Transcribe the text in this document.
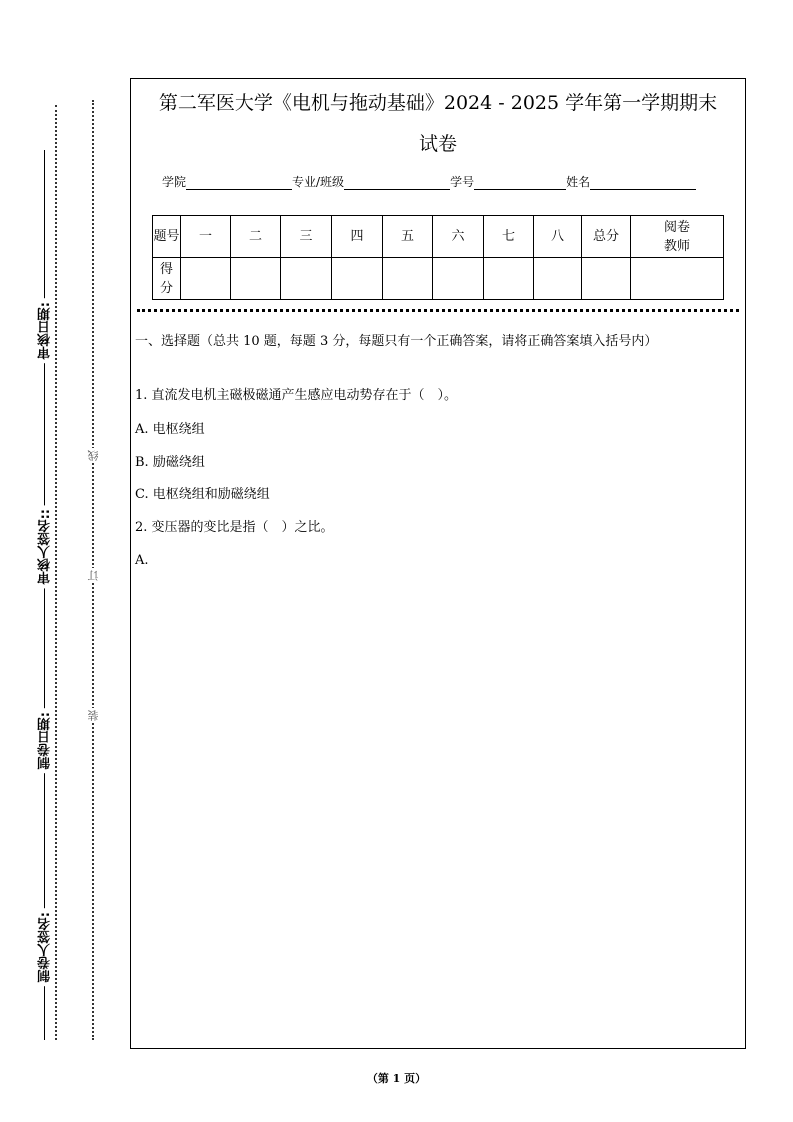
审核日期:
审核人签名::
制卷日期:
制卷人签名:
线
订
装
第二军医大学《电机与拖动基础》2024 - 2025 学年第一学期期末
试卷
学院	专业/班级	学号	姓名
题号	一	二	三	四	五	六	七	八	总分	阅卷教师
得分										
一、选择题（总共 10 题，每题 3 分，每题只有一个正确答案，请将正确答案填入括号内）
1. 直流发电机主磁极磁通产生感应电动势存在于（　）。
A. 电枢绕组
B. 励磁绕组
C. 电枢绕组和励磁绕组
2. 变压器的变比是指（　）之比。
A.
（第 1 页）
